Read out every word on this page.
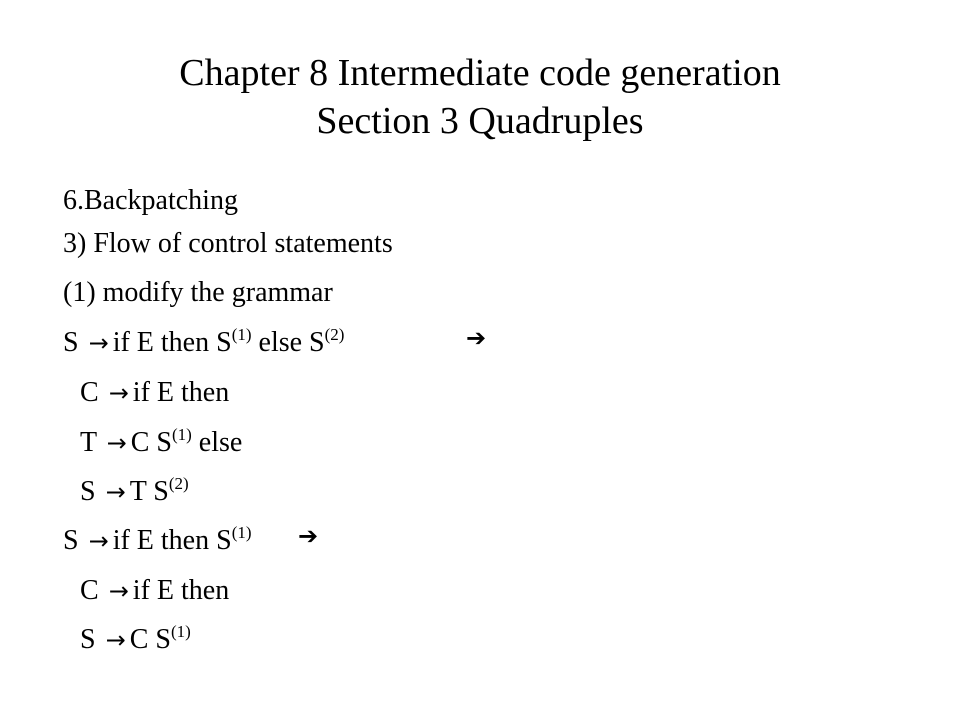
Chapter 8 Intermediate code generation
Section 3 Quadruples
6.Backpatching
3) Flow of control statements
(1) modify the grammar
S → if E then $S^{(1)}$ else $S^{(2)}$	➔
C → if E then
T → C $S^{(1)}$ else
S → T $S^{(2)}$
S → if E then $S^{(1)}$ ➔
C → if E then
S → C $S^{(1)}$
